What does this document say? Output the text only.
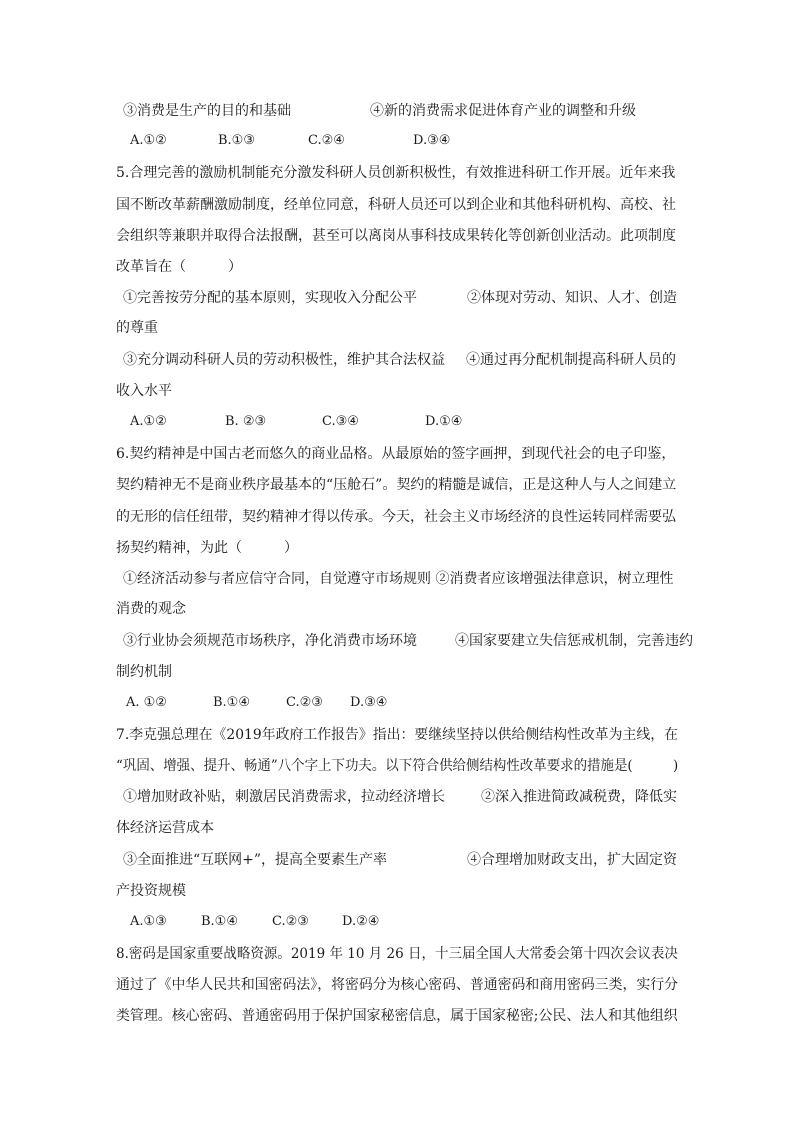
③消费是生产的目的和基础	④新的消费需求促进体育产业的调整和升级
A.①②	B.①③	C.②④	D.③④
5.合理完善的激励机制能充分激发科研人员创新积极性，有效推进科研工作开展。近年来我
国不断改革薪酬激励制度，经单位同意，科研人员还可以到企业和其他科研机构、高校、社
会组织等兼职并取得合法报酬，甚至可以离岗从事科技成果转化等创新创业活动。此项制度
改革旨在（　　　）
①完善按劳分配的基本原则，实现收入分配公平	②体现对劳动、知识、人才、创造
的尊重
③充分调动科研人员的劳动积极性，维护其合法权益 ④通过再分配机制提高科研人员的
收入水平
A.①②	B. ②③	C.③④	D.①④
6.契约精神是中国古老而悠久的商业品格。从最原始的签字画押，到现代社会的电子印鉴，
契约精神无不是商业秩序最基本的“压舱石”。契约的精髓是诚信，正是这种人与人之间建立
的无形的信任纽带，契约精神才得以传承。今天，社会主义市场经济的良性运转同样需要弘
扬契约精神，为此（　　　）
①经济活动参与者应信守合同，自觉遵守市场规则 ②消费者应该增强法律意识，树立理性
消费的观念
③行业协会须规范市场秩序，净化消费市场环境	④国家要建立失信惩戒机制，完善违约
制约机制
A. ①②	B.①④	C.②③ D.③④
7.李克强总理在《2019年政府工作报告》指出：要继续坚持以供给侧结构性改革为主线，在
“巩固、增强、提升、畅通”八个字上下功夫。以下符合供给侧结构性改革要求的措施是(　　　)
①增加财政补贴，刺激居民消费需求，拉动经济增长	②深入推进简政减税费，降低实
体经济运营成本
③全面推进“互联网+”，提高全要素生产率	④合理增加财政支出，扩大固定资
产投资规模
A.①③	B.①④	C.②③	D.②④
8.密码是国家重要战略资源。2019 年 10 月 26 日，十三届全国人大常委会第十四次会议表决
通过了《中华人民共和国密码法》，将密码分为核心密码、普通密码和商用密码三类，实行分
类管理。核心密码、普通密码用于保护国家秘密信息，属于国家秘密;公民、法人和其他组织
